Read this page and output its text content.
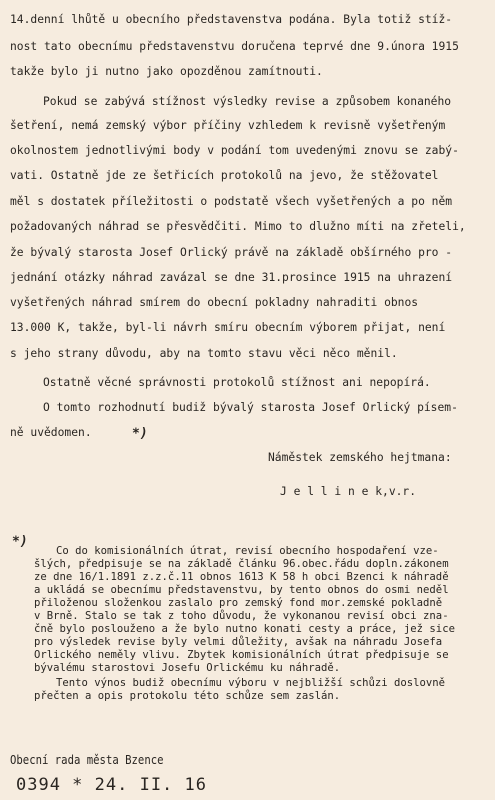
14.denní lhůtě u obecního představenstva podána. Byla totiž stíž-

nost tato obecnímu představenstvu doručena teprvé dne 9.února 1915

takže bylo ji nutno jako opozděnou zamítnouti.

Pokud se zabývá stížnost výsledky revise a způsobem konaného

šetření, nemá zemský výbor příčiny vzhledem k revisně vyšetřeným

okolnostem jednotlivými body v podání tom uvedenými znovu se zabý-

vati. Ostatně jde ze šetřicích protokolů na jevo, že stěžovatel

měl s dostatek příležitosti o podstatě všech vyšetřených a po něm

požadovaných náhrad se přesvědčiti. Mimo to dlužno míti na zřeteli,

že bývalý starosta Josef Orlický právě na základě obšírného pro -

jednání otázky náhrad zavázal se dne 31.prosince 1915 na uhrazení

vyšetřených náhrad smírem do obecní pokladny nahraditi obnos

13.000 K, takže, byl-li návrh smíru obecním výborem přijat, není

s jeho strany důvodu, aby na tomto stavu věci něco měnil.

Ostatně věcné správnosti protokolů stížnost ani nepopírá.

O tomto rozhodnutí budiž bývalý starosta Josef Orlický písem-

ně uvědomen.	*)

Náměstek zemského hejtmana:

J e l l i n e k,v.r.

*)

Co do komisionálních útrat, revisí obecního hospodaření vze-

šlých, předpisuje se na základě článku 96.obec.řádu dopln.zákonem

ze dne 16/1.1891 z.z.č.11 obnos 1613 K 58 h obci Bzenci k náhradě

a ukládá se obecnímu představenstvu, by tento obnos do osmi neděl

přiloženou složenkou zaslalo pro zemský fond mor.zemské pokladně

v Brně. Stalo se tak z toho důvodu, že vykonanou revisí obci zna-

čně bylo poslouženo a že bylo nutno konati cesty a práce, jež sice

pro výsledek revise byly velmi důležity, avšak na náhradu Josefa

Orlického neměly vlivu. Zbytek komisionálních útrat předpisuje se

bývalému starostovi Josefu Orlickému ku náhradě.

Tento výnos budiž obecnímu výboru v nejbližší schůzi doslovně

přečten a opis protokolu této schůze sem zaslán.

Obecní rada města Bzence
0394 * 24. II. 16
